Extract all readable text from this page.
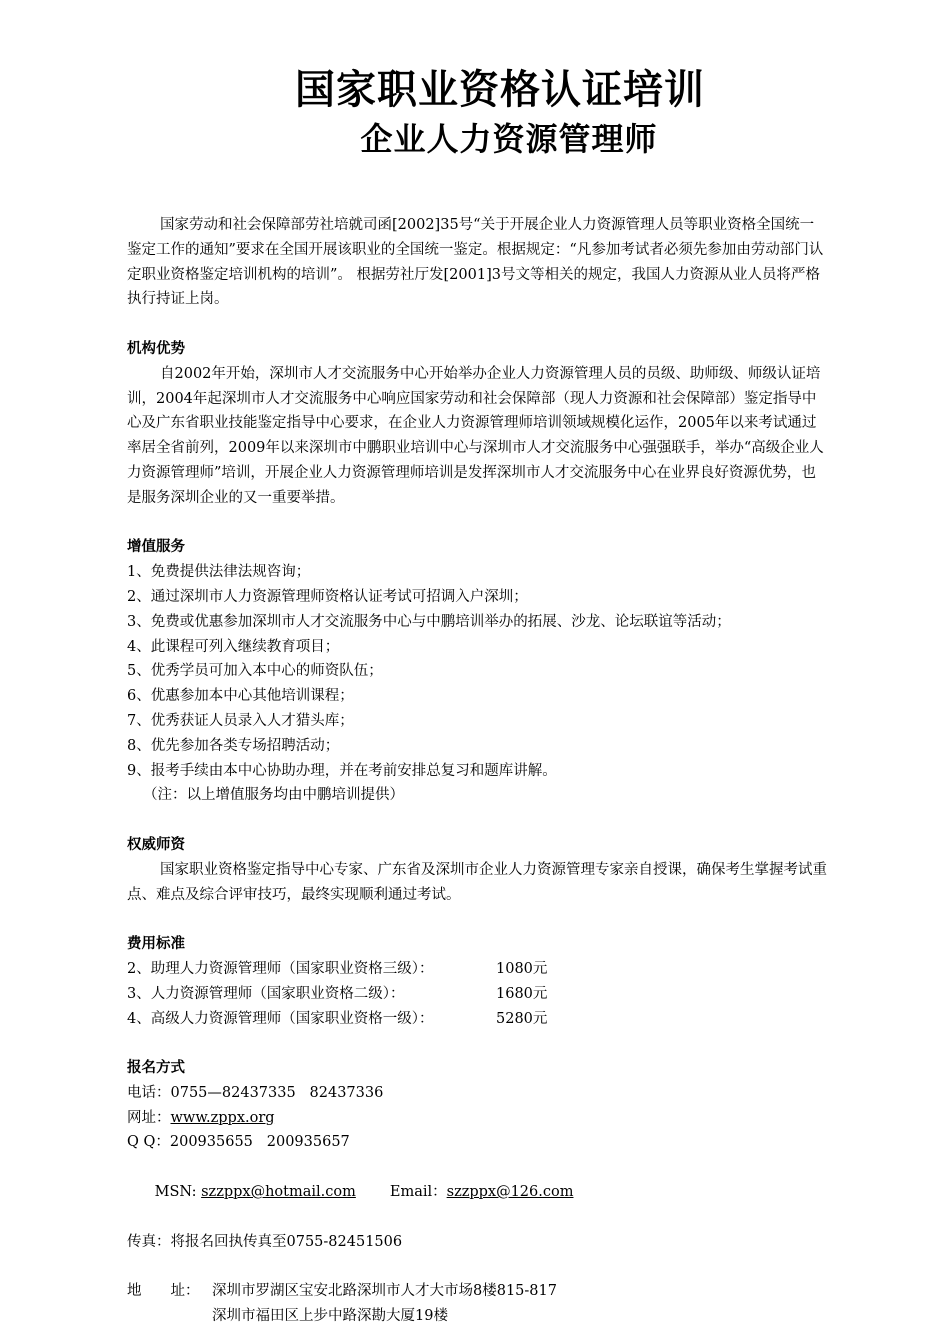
国家职业资格认证培训
企业人力资源管理师

国家劳动和社会保障部劳社培就司函[2002]35号“关于开展企业人力资源管理人员等职业资格全国统一鉴定工作的通知”要求在全国开展该职业的全国统一鉴定。根据规定：“凡参加考试者必须先参加由劳动部门认定职业资格鉴定培训机构的培训”。 根据劳社厅发[2001]3号文等相关的规定，我国人力资源从业人员将严格执行持证上岗。

机构优势

自2002年开始，深圳市人才交流服务中心开始举办企业人力资源管理人员的员级、助师级、师级认证培训，2004年起深圳市人才交流服务中心响应国家劳动和社会保障部（现人力资源和社会保障部）鉴定指导中心及广东省职业技能鉴定指导中心要求，在企业人力资源管理师培训领域规模化运作，2005年以来考试通过率居全省前列，2009年以来深圳市中鹏职业培训中心与深圳市人才交流服务中心强强联手，举办“高级企业人力资源管理师”培训，开展企业人力资源管理师培训是发挥深圳市人才交流服务中心在业界良好资源优势，也是服务深圳企业的又一重要举措。

增值服务

1、免费提供法律法规咨询；

2、通过深圳市人力资源管理师资格认证考试可招调入户深圳；

3、免费或优惠参加深圳市人才交流服务中心与中鹏培训举办的拓展、沙龙、论坛联谊等活动；

4、此课程可列入继续教育项目；

5、优秀学员可加入本中心的师资队伍；

6、优惠参加本中心其他培训课程；

7、优秀获证人员录入人才猎头库；

8、优先参加各类专场招聘活动；

9、报考手续由本中心协助办理，并在考前安排总复习和题库讲解。

（注：以上增值服务均由中鹏培训提供）

权威师资

国家职业资格鉴定指导中心专家、广东省及深圳市企业人力资源管理专家亲自授课，确保考生掌握考试重点、难点及综合评审技巧，最终实现顺利通过考试。

费用标准

2、助理人力资源管理师（国家职业资格三级）：	1080元
3、人力资源管理师（国家职业资格二级）：	1680元
4、高级人力资源管理师（国家职业资格一级）：	5280元

报名方式

电话：0755—82437335   82437336

网址：www.zppx.org

Q Q：200935655   200935657

MSN: szzppx@hotmail.com Email：szzppx@126.com

传真：将报名回执传真至0755-82451506

地　　址： 深圳市罗湖区宝安北路深圳市人才大市场8楼815-817
深圳市福田区上步中路深勘大厦19楼
